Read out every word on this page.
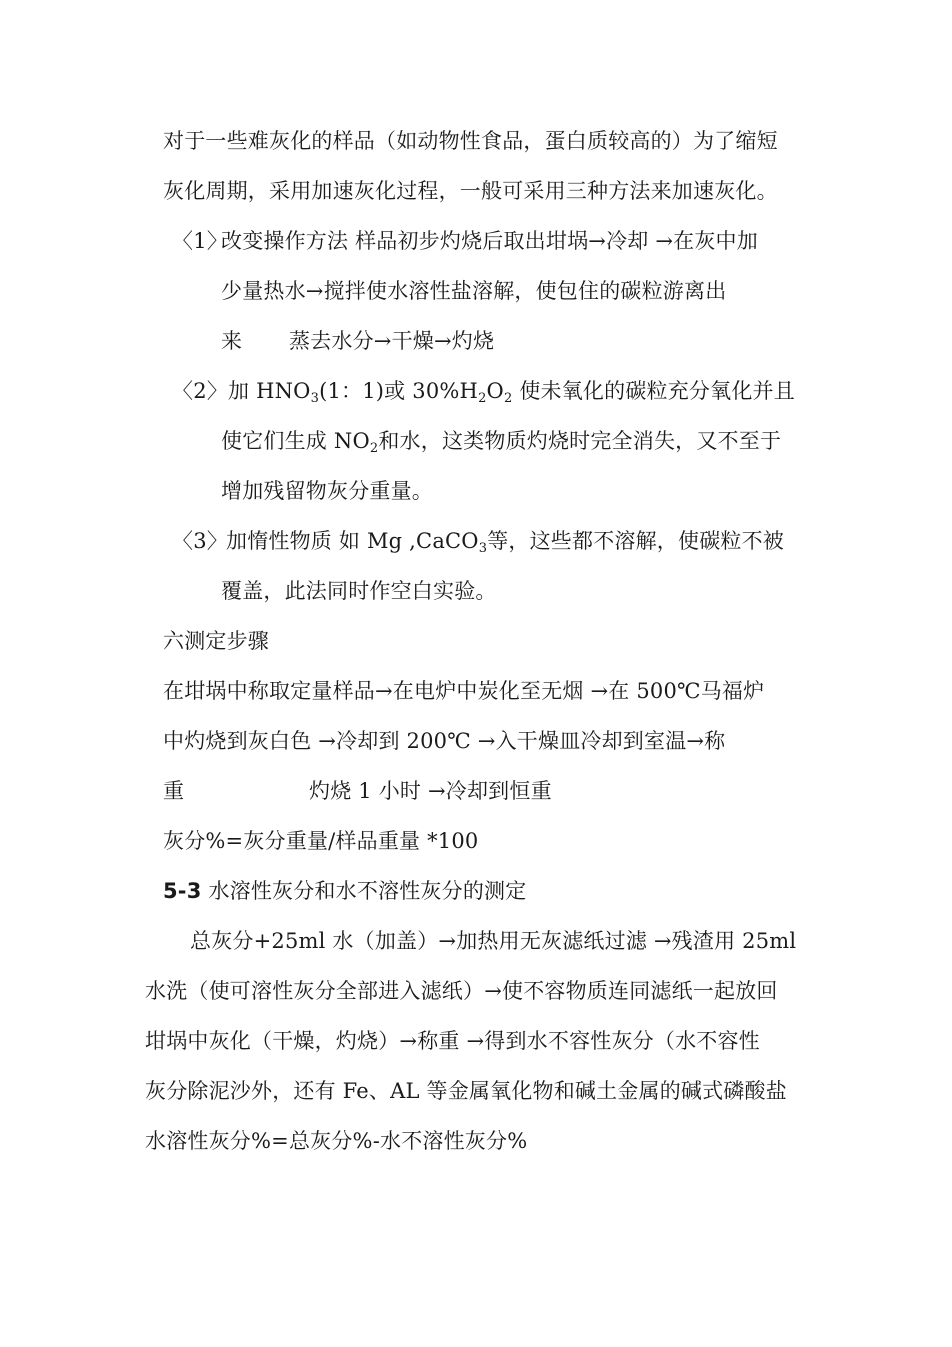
对于一些难灰化的样品（如动物性食品，蛋白质较高的）为了缩短
灰化周期，采用加速灰化过程，一般可采用三种方法来加速灰化。
〈1〉
改变操作方法 样品初步灼烧后取出坩埚→冷却 →在灰中加
少量热水→搅拌使水溶性盐溶解，使包住的碳粒游离出
来 蒸去水分→干燥→灼烧
〈2〉 加 $HNO_3(1$：1)或 $30\%H_2O_2$ 使未氧化的碳粒充分氧化并且
使它们生成 $NO_2$和水，这类物质灼烧时完全消失，又不至于
增加残留物灰分重量。
〈3〉
加惰性物质 如 Mg ,CaCO$_3$等，这些都不溶解，使碳粒不被
覆盖，此法同时作空白实验。
六测定步骤
在坩埚中称取定量样品→在电炉中炭化至无烟 →在 500℃马福炉
中灼烧到灰白色 →冷却到 200℃ →入干燥皿冷却到室温→称
重	灼烧 1 小时 →冷却到恒重
灰分%=灰分重量/样品重量 *100
5-3 水溶性灰分和水不溶性灰分的测定
总灰分+25ml 水（加盖）→加热用无灰滤纸过滤 →残渣用 25ml
水洗（使可溶性灰分全部进入滤纸）→使不容物质连同滤纸一起放回
坩埚中灰化（干燥，灼烧）→称重 →得到水不容性灰分（水不容性
灰分除泥沙外，还有 Fe、AL 等金属氧化物和碱土金属的碱式磷酸盐
水溶性灰分%=总灰分%-水不溶性灰分%
